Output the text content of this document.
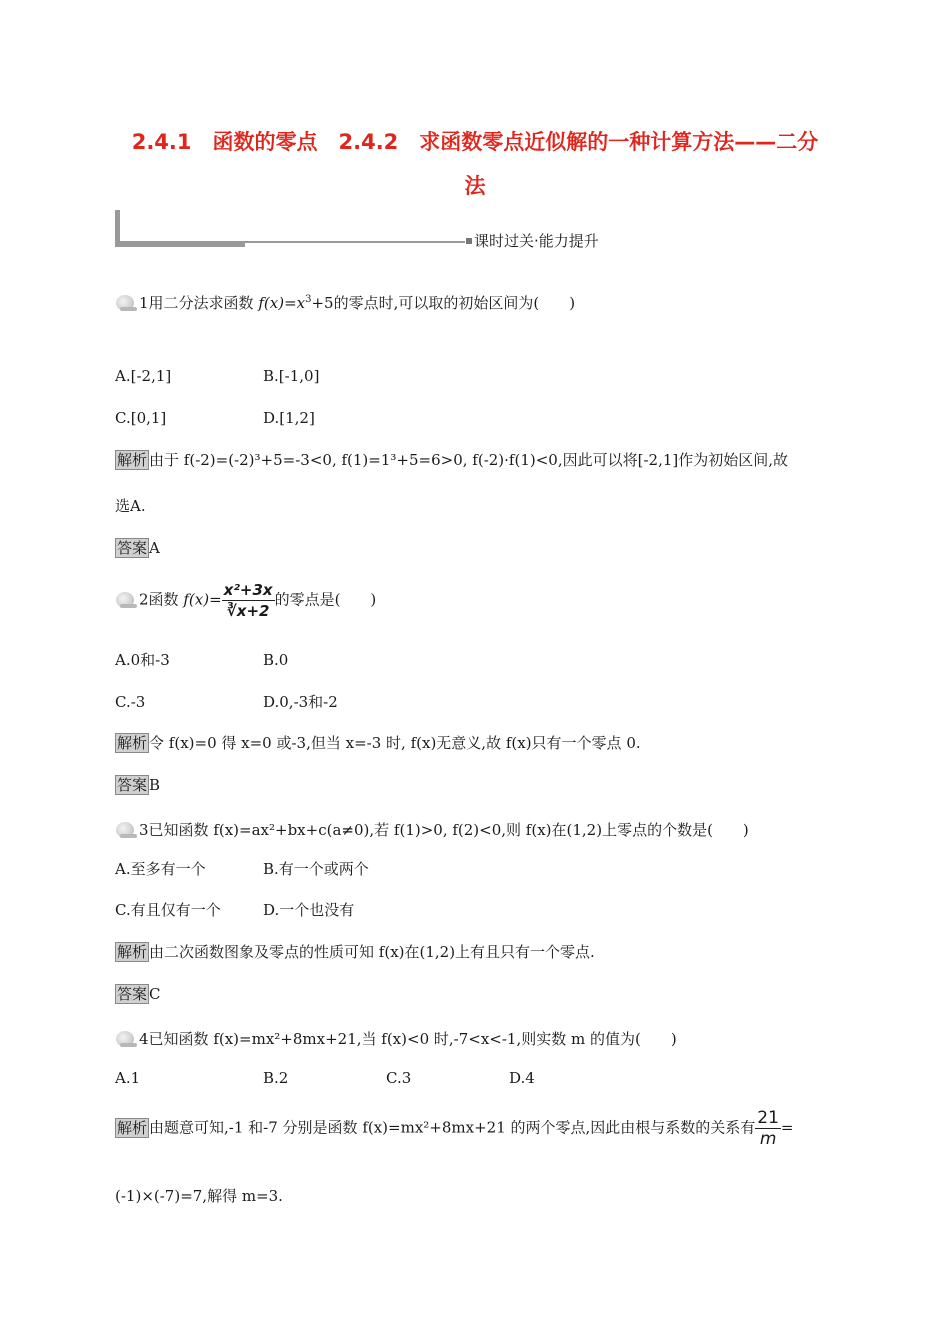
2.4.1　函数的零点　2.4.2　求函数零点近似解的一种计算方法——二分
法
课时过关·能力提升
1用二分法求函数 $f(x)=x^3+5$的零点时,可以取的初始区间为(　　)
A.[-2,1]	B.[-1,0]
C.[0,1]	D.[1,2]
解析 由于 f(-2)=(-2)³+5=-3<0, f(1)=1³+5=6>0, f(-2)·f(1)<0,因此可以将[-2,1]作为初始区间,故
选A.
答案 A
2函数 $f(x)= \frac{\text{x²+3x}}{∛x+2}$ 的零点是(　　)
A.0和-3	B.0
C.-3	D.0,-3和-2
解析 令 f(x)=0 得 x=0 或-3,但当 x=-3 时, f(x)无意义,故 f(x)只有一个零点 0.
答案 B
3已知函数 f(x)=ax²+bx+c(a≠0),若 f(1)>0, f(2)<0,则 f(x)在(1,2)上零点的个数是(　　)
A.至多有一个	B.有一个或两个
C.有且仅有一个	D.一个也没有
解析 由二次函数图象及零点的性质可知 f(x)在(1,2)上有且只有一个零点.
答案 C
4已知函数 f(x)=mx²+8mx+21,当 f(x)<0 时,-7<x<-1,则实数 m 的值为(　　)
A.1	B.2	C.3	D.4
解析 由题意可知,-1 和-7 分别是函数 f(x)=mx²+8mx+21 的两个零点,因此由根与系数的关系有 $\frac{21}{m}$ =
(-1)×(-7)=7,解得 m=3.
